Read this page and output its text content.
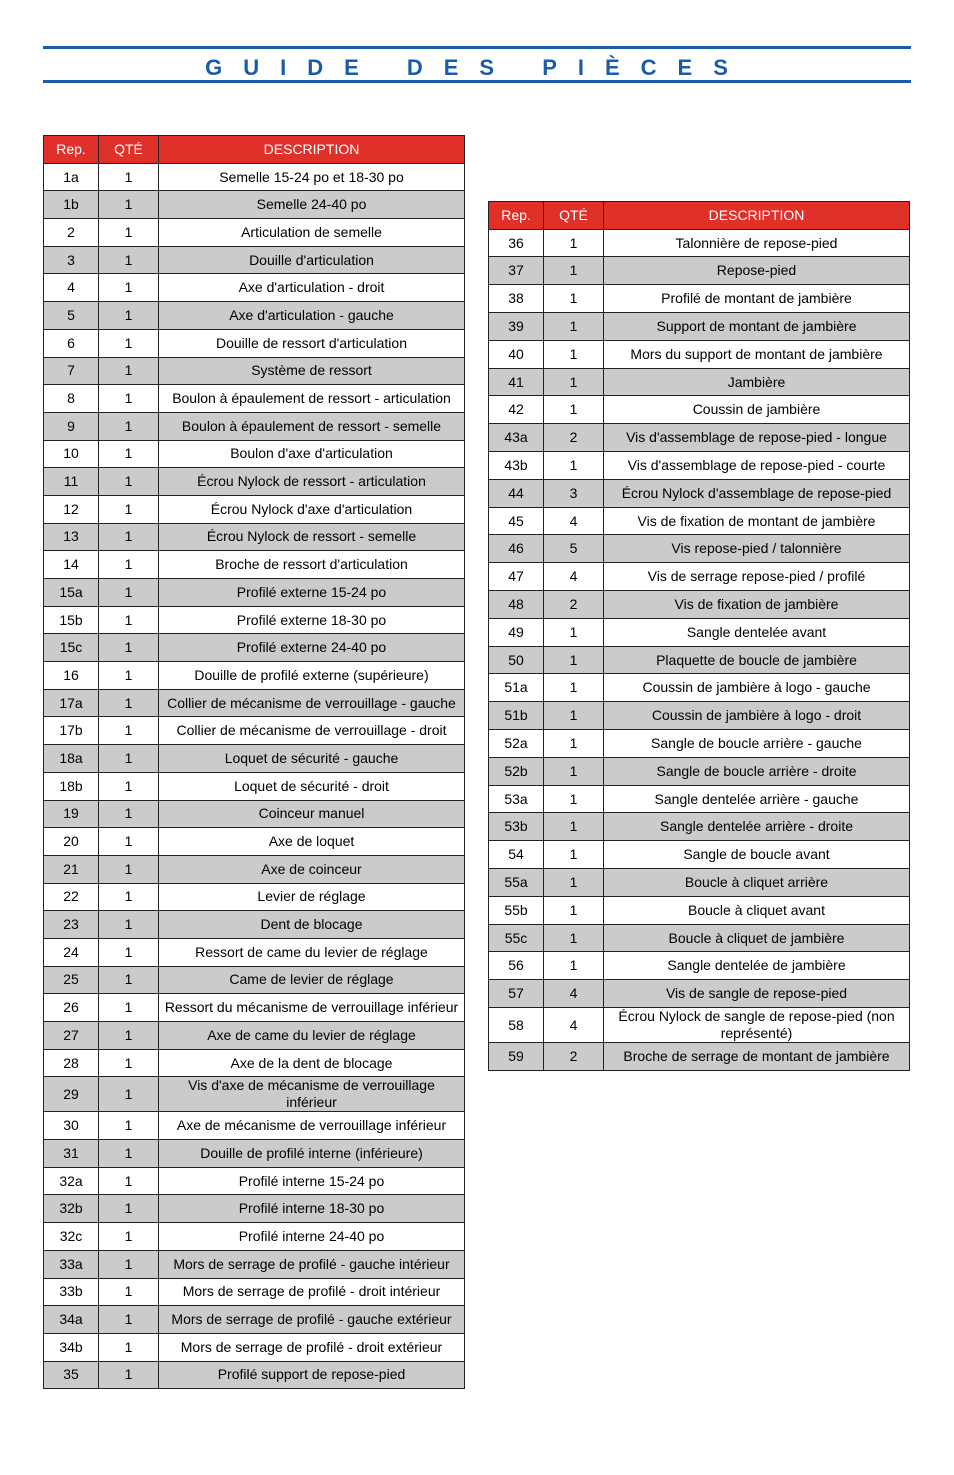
GUIDE DES PIÈCES
Rep.	QTÉ	DESCRIPTION
1a	1	Semelle 15-24 po et 18-30 po
1b	1	Semelle 24-40 po
2	1	Articulation de semelle
3	1	Douille d'articulation
4	1	Axe d'articulation - droit
5	1	Axe d'articulation - gauche
6	1	Douille de ressort d'articulation
7	1	Système de ressort
8	1	Boulon à épaulement de ressort - articulation
9	1	Boulon à épaulement de ressort - semelle
10	1	Boulon d'axe d'articulation
11	1	Écrou Nylock de ressort - articulation
12	1	Écrou Nylock d'axe d'articulation
13	1	Écrou Nylock de ressort - semelle
14	1	Broche de ressort d'articulation
15a	1	Profilé externe 15-24 po
15b	1	Profilé externe 18-30 po
15c	1	Profilé externe 24-40 po
16	1	Douille de profilé externe (supérieure)
17a	1	Collier de mécanisme de verrouillage - gauche
17b	1	Collier de mécanisme de verrouillage - droit
18a	1	Loquet de sécurité - gauche
18b	1	Loquet de sécurité - droit
19	1	Coinceur manuel
20	1	Axe de loquet
21	1	Axe de coinceur
22	1	Levier de réglage
23	1	Dent de blocage
24	1	Ressort de came du levier de réglage
25	1	Came de levier de réglage
26	1	Ressort du mécanisme de verrouillage inférieur
27	1	Axe de came du levier de réglage
28	1	Axe de la dent de blocage
29	1	Vis d'axe de mécanisme de verrouillage inférieur
30	1	Axe de mécanisme de verrouillage inférieur
31	1	Douille de profilé interne (inférieure)
32a	1	Profilé interne 15-24 po
32b	1	Profilé interne 18-30 po
32c	1	Profilé interne 24-40 po
33a	1	Mors de serrage de profilé - gauche intérieur
33b	1	Mors de serrage de profilé - droit intérieur
34a	1	Mors de serrage de profilé - gauche extérieur
34b	1	Mors de serrage de profilé - droit extérieur
35	1	Profilé support de repose-pied
Rep.	QTÉ	DESCRIPTION
36	1	Talonnière de repose-pied
37	1	Repose-pied
38	1	Profilé de montant de jambière
39	1	Support de montant de jambière
40	1	Mors du support de montant de jambière
41	1	Jambière
42	1	Coussin de jambière
43a	2	Vis d'assemblage de repose-pied - longue
43b	1	Vis d'assemblage de repose-pied - courte
44	3	Écrou Nylock d'assemblage de repose-pied
45	4	Vis de fixation de montant de jambière
46	5	Vis repose-pied / talonnière
47	4	Vis de serrage repose-pied / profilé
48	2	Vis de fixation de jambière
49	1	Sangle dentelée avant
50	1	Plaquette de boucle de jambière
51a	1	Coussin de jambière à logo - gauche
51b	1	Coussin de jambière à logo - droit
52a	1	Sangle de boucle arrière - gauche
52b	1	Sangle de boucle arrière - droite
53a	1	Sangle dentelée arrière - gauche
53b	1	Sangle dentelée arrière - droite
54	1	Sangle de boucle avant
55a	1	Boucle à cliquet arrière
55b	1	Boucle à cliquet avant
55c	1	Boucle à cliquet de jambière
56	1	Sangle dentelée de jambière
57	4	Vis de sangle de repose-pied
58	4	Écrou Nylock de sangle de repose-pied (non représenté)
59	2	Broche de serrage de montant de jambière
